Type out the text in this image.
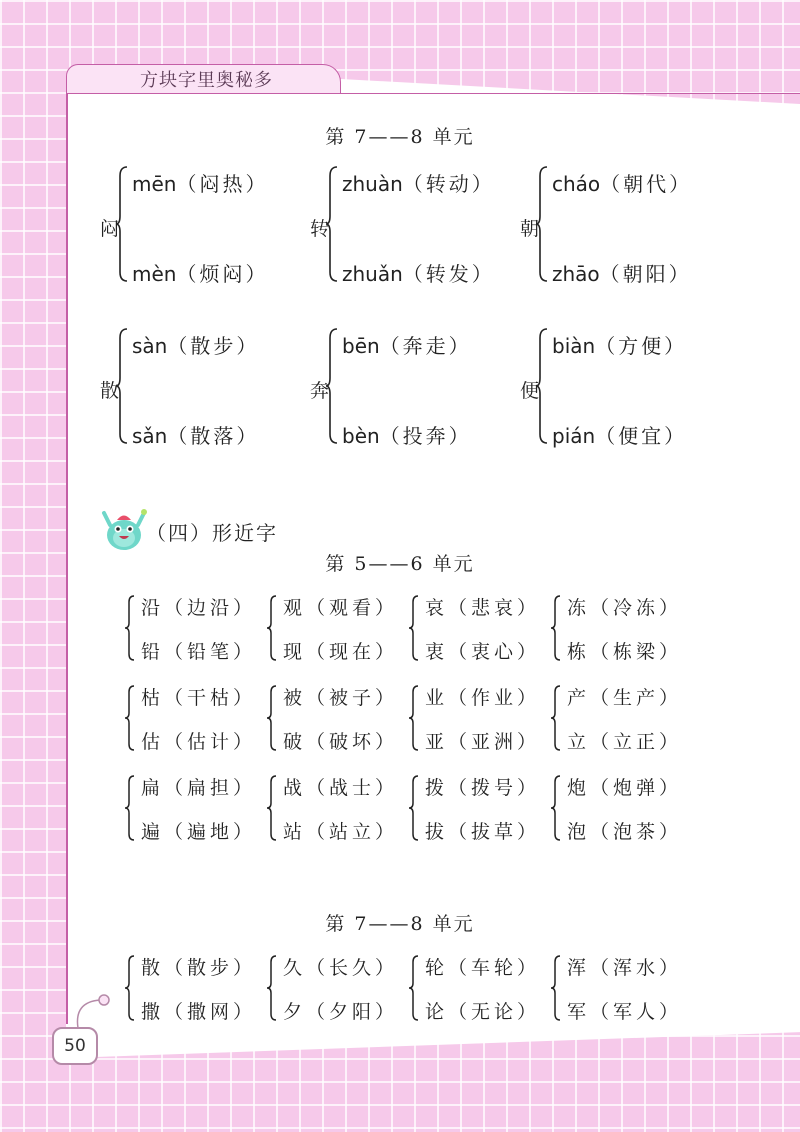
方块字里奥秘多
第 7——8 单元
闷
mēn（闷热）
mèn（烦闷）
转
zhuàn（转动）
zhuǎn（转发）
朝
cháo（朝代）
zhāo（朝阳）
散
sàn（散步）
sǎn（散落）
奔
bēn（奔走）
bèn（投奔）
便
biàn（方便）
pián（便宜）
（四）形近字
第 5——6 单元
沿（边沿）
铅（铅笔）
观（观看）
现（现在）
哀（悲哀）
衷（衷心）
冻（冷冻）
栋（栋梁）
枯（干枯）
估（估计）
被（被子）
破（破坏）
业（作业）
亚（亚洲）
产（生产）
立（立正）
扁（扁担）
遍（遍地）
战（战士）
站（站立）
拨（拨号）
拔（拔草）
炮（炮弹）
泡（泡茶）
第 7——8 单元
散（散步）
撒（撒网）
久（长久）
夕（夕阳）
轮（车轮）
论（无论）
浑（浑水）
军（军人）
50
